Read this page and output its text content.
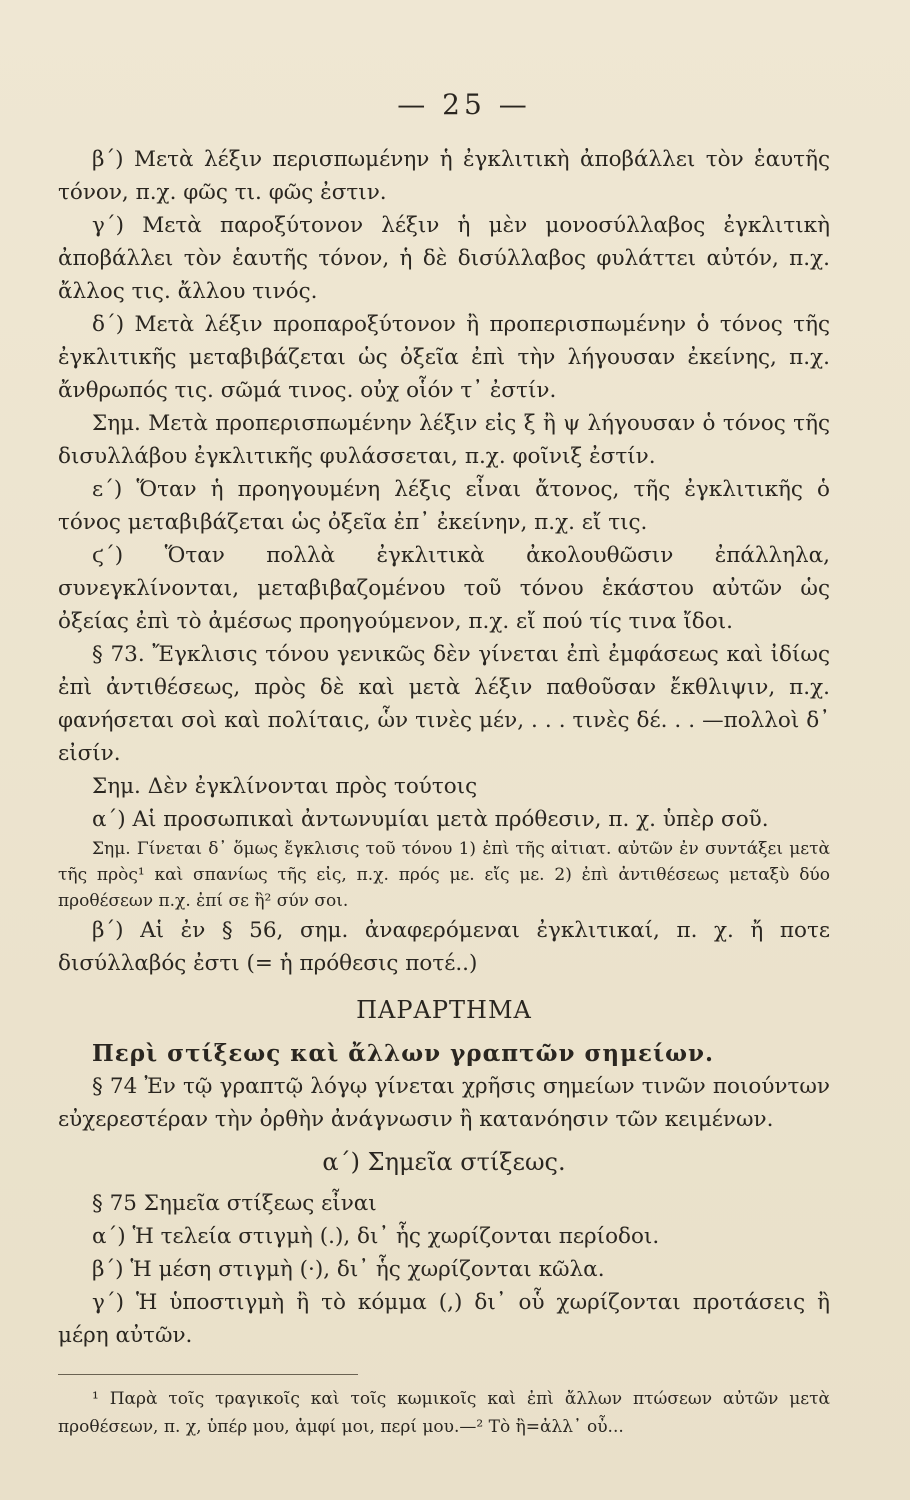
— 25 —

β΄) Μετὰ λέξιν περισπωμένην ἡ ἐγκλιτικὴ ἀποβάλλει τὸν ἑαυτῆς τόνον, π.χ. φῶς τι. φῶς ἐστιν.

γ΄) Μετὰ παροξύτονον λέξιν ἡ μὲν μονοσύλλαβος ἐγκλιτικὴ ἀποβάλλει τὸν ἑαυτῆς τόνον, ἡ δὲ δισύλλαβος φυλάττει αὐτόν, π.χ. ἄλλος τις. ἄλλου τινός.

δ΄) Μετὰ λέξιν προπαροξύτονον ἢ προπερισπωμένην ὁ τόνος τῆς ἐγκλιτικῆς μεταβιβάζεται ὡς ὀξεῖα ἐπὶ τὴν λήγουσαν ἐκείνης, π.χ. ἄνθρωπός τις. σῶμά τινος. οὐχ οἷόν τ᾽ ἐστίν.

Σημ. Μετὰ προπερισπωμένην λέξιν εἰς ξ ἢ ψ λήγουσαν ὁ τόνος τῆς δισυλλάβου ἐγκλιτικῆς φυλάσσεται, π.χ. φοῖνιξ ἐστίν.

ε΄) Ὅταν ἡ προηγουμένη λέξις εἶναι ἄτονος, τῆς ἐγκλιτικῆς ὁ τόνος μεταβιβάζεται ὡς ὀξεῖα ἐπ᾽ ἐκείνην, π.χ. εἴ τις.

ϛ΄) Ὅταν πολλὰ ἐγκλιτικὰ ἀκολουθῶσιν ἐπάλληλα, συνεγκλίνονται, μεταβιβαζομένου τοῦ τόνου ἑκάστου αὐτῶν ὡς ὀξείας ἐπὶ τὸ ἀμέσως προηγούμενον, π.χ. εἴ πού τίς τινα ἴδοι.

§ 73. Ἔγκλισις τόνου γενικῶς δὲν γίνεται ἐπὶ ἐμφάσεως καὶ ἰδίως ἐπὶ ἀντιθέσεως, πρὸς δὲ καὶ μετὰ λέξιν παθοῦσαν ἔκθλιψιν, π.χ. φανήσεται σοὶ καὶ πολίταις, ὧν τινὲς μέν, . . . τινὲς δέ. . . —πολλοὶ δ᾽ εἰσίν.

Σημ. Δὲν ἐγκλίνονται πρὸς τούτοις

α΄) Αἱ προσωπικαὶ ἀντωνυμίαι μετὰ πρόθεσιν, π. χ. ὑπὲρ σοῦ.

Σημ. Γίνεται δ᾽ ὅμως ἔγκλισις τοῦ τόνου 1) ἐπὶ τῆς αἰτιατ. αὐτῶν ἐν συντάξει μετὰ τῆς πρὸς¹ καὶ σπανίως τῆς εἰς, π.χ. πρός με. εἴς με. 2) ἐπὶ ἀντιθέσεως μεταξὺ δύο προθέσεων π.χ. ἐπί σε ἢ² σύν σοι.

β΄) Αἱ ἐν § 56, σημ. ἀναφερόμεναι ἐγκλιτικαί, π. χ. ἤ ποτε δισύλλαβός ἐστι (= ἡ πρόθεσις ποτέ..)

ΠΑΡΑΡΤΗΜΑ

Περὶ στίξεως καὶ ἄλλων γραπτῶν σημείων.

§ 74 Ἐν τῷ γραπτῷ λόγῳ γίνεται χρῆσις σημείων τινῶν ποιούντων εὐχερεστέραν τὴν ὀρθὴν ἀνάγνωσιν ἢ κατανόησιν τῶν κειμένων.

α΄) Σημεῖα στίξεως.

§ 75 Σημεῖα στίξεως εἶναι

α΄) Ἡ τελεία στιγμὴ (.), δι᾽ ἧς χωρίζονται περίοδοι.

β΄) Ἡ μέση στιγμὴ (·), δι᾽ ἧς χωρίζονται κῶλα.

γ΄) Ἡ ὑποστιγμὴ ἢ τὸ κόμμα (,) δι᾽ οὗ χωρίζονται προτάσεις ἢ μέρη αὐτῶν.

¹ Παρὰ τοῖς τραγικοῖς καὶ τοῖς κωμικοῖς καὶ ἐπὶ ἄλλων πτώσεων αὐτῶν μετὰ προθέσεων, π. χ, ὑπέρ μου, ἀμφί μοι, περί μου.—² Τὸ ἢ=ἀλλ᾽ οὖ...
